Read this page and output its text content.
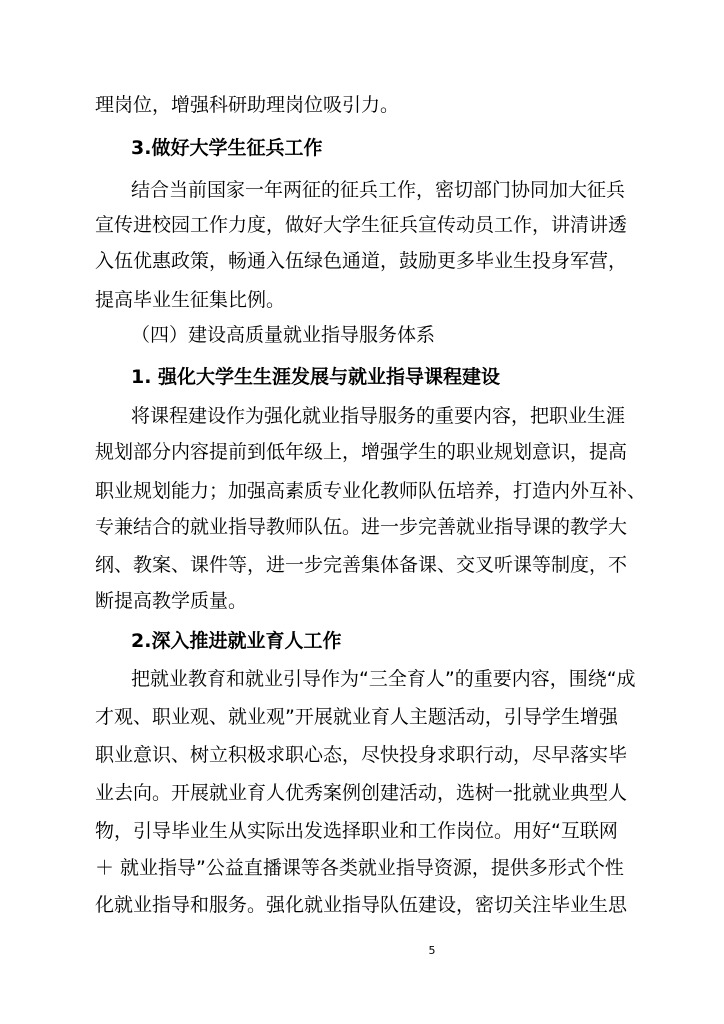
理岗位，增强科研助理岗位吸引力。
3.做好大学生征兵工作
结合当前国家一年两征的征兵工作，密切部门协同加大征兵
宣传进校园工作力度，做好大学生征兵宣传动员工作，讲清讲透
入伍优惠政策，畅通入伍绿色通道，鼓励更多毕业生投身军营，
提高毕业生征集比例。
（四）建设高质量就业指导服务体系
1. 强化大学生生涯发展与就业指导课程建设
将课程建设作为强化就业指导服务的重要内容，把职业生涯
规划部分内容提前到低年级上，增强学生的职业规划意识，提高
职业规划能力；加强高素质专业化教师队伍培养，打造内外互补、
专兼结合的就业指导教师队伍。进一步完善就业指导课的教学大
纲、教案、课件等，进一步完善集体备课、交叉听课等制度，不
断提高教学质量。
2.深入推进就业育人工作
把就业教育和就业引导作为“三全育人”的重要内容，围绕“成
才观、职业观、就业观”开展就业育人主题活动，引导学生增强
职业意识、树立积极求职心态，尽快投身求职行动，尽早落实毕
业去向。开展就业育人优秀案例创建活动，选树一批就业典型人
物，引导毕业生从实际出发选择职业和工作岗位。用好“互联网
＋ 就业指导”公益直播课等各类就业指导资源，提供多形式个性
化就业指导和服务。强化就业指导队伍建设，密切关注毕业生思
5
